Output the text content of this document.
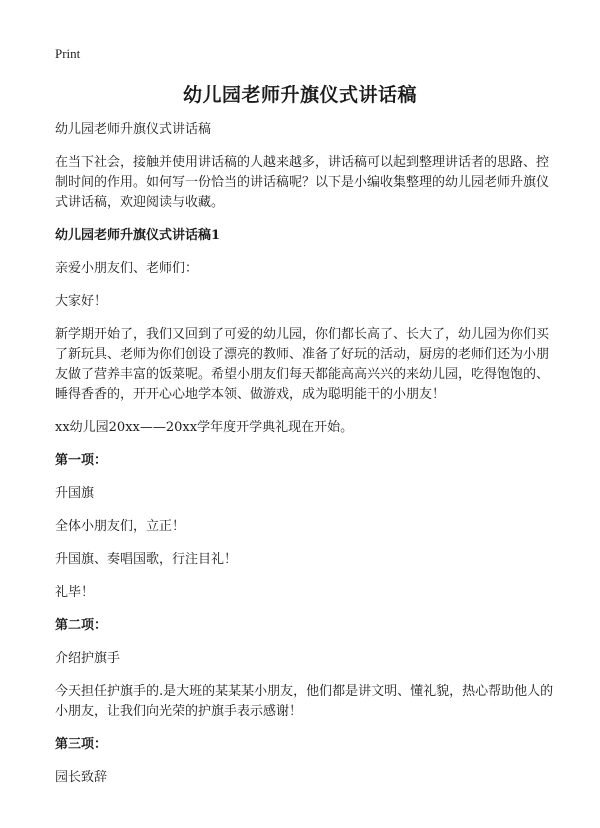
Print
幼儿园老师升旗仪式讲话稿

幼儿园老师升旗仪式讲话稿

在当下社会，接触并使用讲话稿的人越来越多，讲话稿可以起到整理讲话者的思路、控制时间的作用。如何写一份恰当的讲话稿呢？以下是小编收集整理的幼儿园老师升旗仪式讲话稿，欢迎阅读与收藏。

幼儿园老师升旗仪式讲话稿1

亲爱小朋友们、老师们：

大家好！

新学期开始了，我们又回到了可爱的幼儿园，你们都长高了、长大了，幼儿园为你们买了新玩具、老师为你们创设了漂亮的教师、准备了好玩的活动，厨房的老师们还为小朋友做了营养丰富的饭菜呢。希望小朋友们每天都能高高兴兴的来幼儿园，吃得饱饱的、睡得香香的，开开心心地学本领、做游戏，成为聪明能干的小朋友！

xx幼儿园20xx——20xx学年度开学典礼现在开始。

第一项：

升国旗

全体小朋友们，立正！

升国旗、奏唱国歌，行注目礼！

礼毕！

第二项：

介绍护旗手

今天担任护旗手的.是大班的某某某小朋友，他们都是讲文明、懂礼貌，热心帮助他人的小朋友，让我们向光荣的护旗手表示感谢！

第三项：

园长致辞
